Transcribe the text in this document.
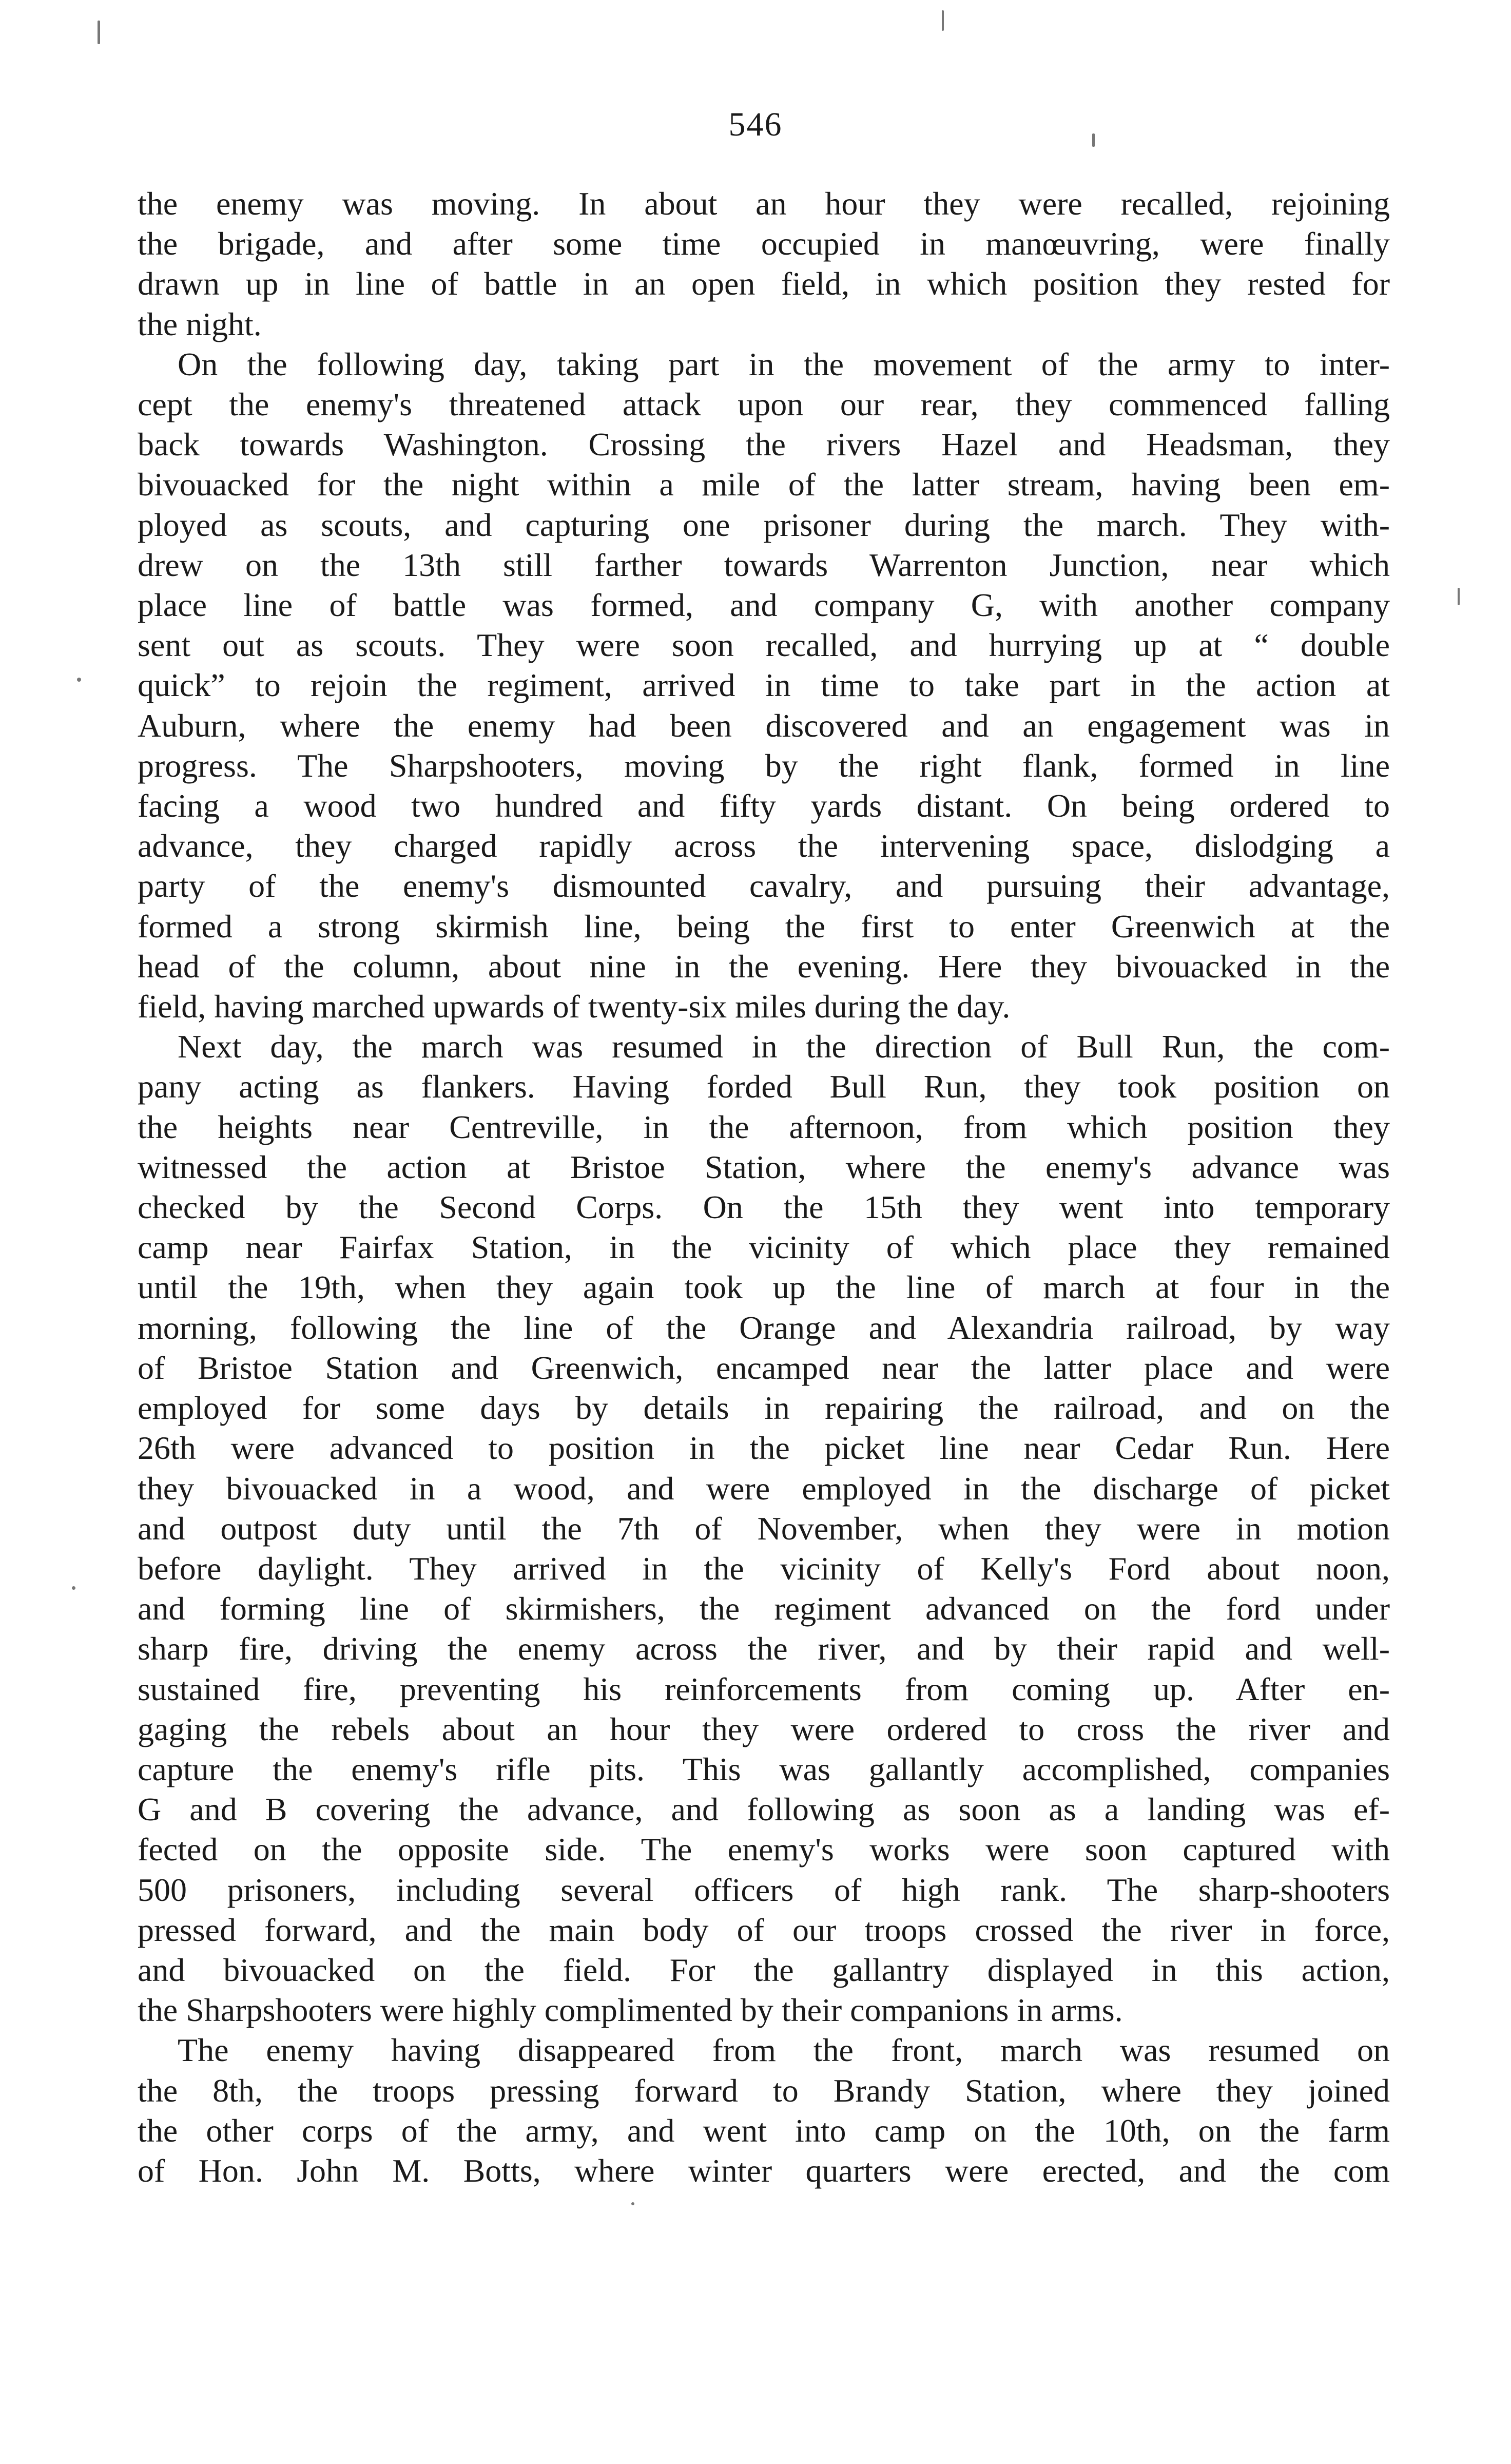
546

the enemy was moving. In about an hour they were recalled, rejoining

the brigade, and after some time occupied in manœuvring, were finally

drawn up in line of battle in an open field, in which position they rested for

the night.

On the following day, taking part in the movement of the army to inter-

cept the enemy's threatened attack upon our rear, they commenced falling

back towards Washington. Crossing the rivers Hazel and Headsman, they

bivouacked for the night within a mile of the latter stream, having been em-

ployed as scouts, and capturing one prisoner during the march. They with-

drew on the 13th still farther towards Warrenton Junction, near which

place line of battle was formed, and company G, with another company

sent out as scouts. They were soon recalled, and hurrying up at “ double

quick” to rejoin the regiment, arrived in time to take part in the action at

Auburn, where the enemy had been discovered and an engagement was in

progress. The Sharpshooters, moving by the right flank, formed in line

facing a wood two hundred and fifty yards distant. On being ordered to

advance, they charged rapidly across the intervening space, dislodging a

party of the enemy's dismounted cavalry, and pursuing their advantage,

formed a strong skirmish line, being the first to enter Greenwich at the

head of the column, about nine in the evening. Here they bivouacked in the

field, having marched upwards of twenty-six miles during the day.

Next day, the march was resumed in the direction of Bull Run, the com-

pany acting as flankers. Having forded Bull Run, they took position on

the heights near Centreville, in the afternoon, from which position they

witnessed the action at Bristoe Station, where the enemy's advance was

checked by the Second Corps. On the 15th they went into temporary

camp near Fairfax Station, in the vicinity of which place they remained

until the 19th, when they again took up the line of march at four in the

morning, following the line of the Orange and Alexandria railroad, by way

of Bristoe Station and Greenwich, encamped near the latter place and were

employed for some days by details in repairing the railroad, and on the

26th were advanced to position in the picket line near Cedar Run. Here

they bivouacked in a wood, and were employed in the discharge of picket

and outpost duty until the 7th of November, when they were in motion

before daylight. They arrived in the vicinity of Kelly's Ford about noon,

and forming line of skirmishers, the regiment advanced on the ford under

sharp fire, driving the enemy across the river, and by their rapid and well-

sustained fire, preventing his reinforcements from coming up. After en-

gaging the rebels about an hour they were ordered to cross the river and

capture the enemy's rifle pits. This was gallantly accomplished, companies

G and B covering the advance, and following as soon as a landing was ef-

fected on the opposite side. The enemy's works were soon captured with

500 prisoners, including several officers of high rank. The sharp-shooters

pressed forward, and the main body of our troops crossed the river in force,

and bivouacked on the field. For the gallantry displayed in this action,

the Sharpshooters were highly complimented by their companions in arms.

The enemy having disappeared from the front, march was resumed on

the 8th, the troops pressing forward to Brandy Station, where they joined

the other corps of the army, and went into camp on the 10th, on the farm

of Hon. John M. Botts, where winter quarters were erected, and the com
